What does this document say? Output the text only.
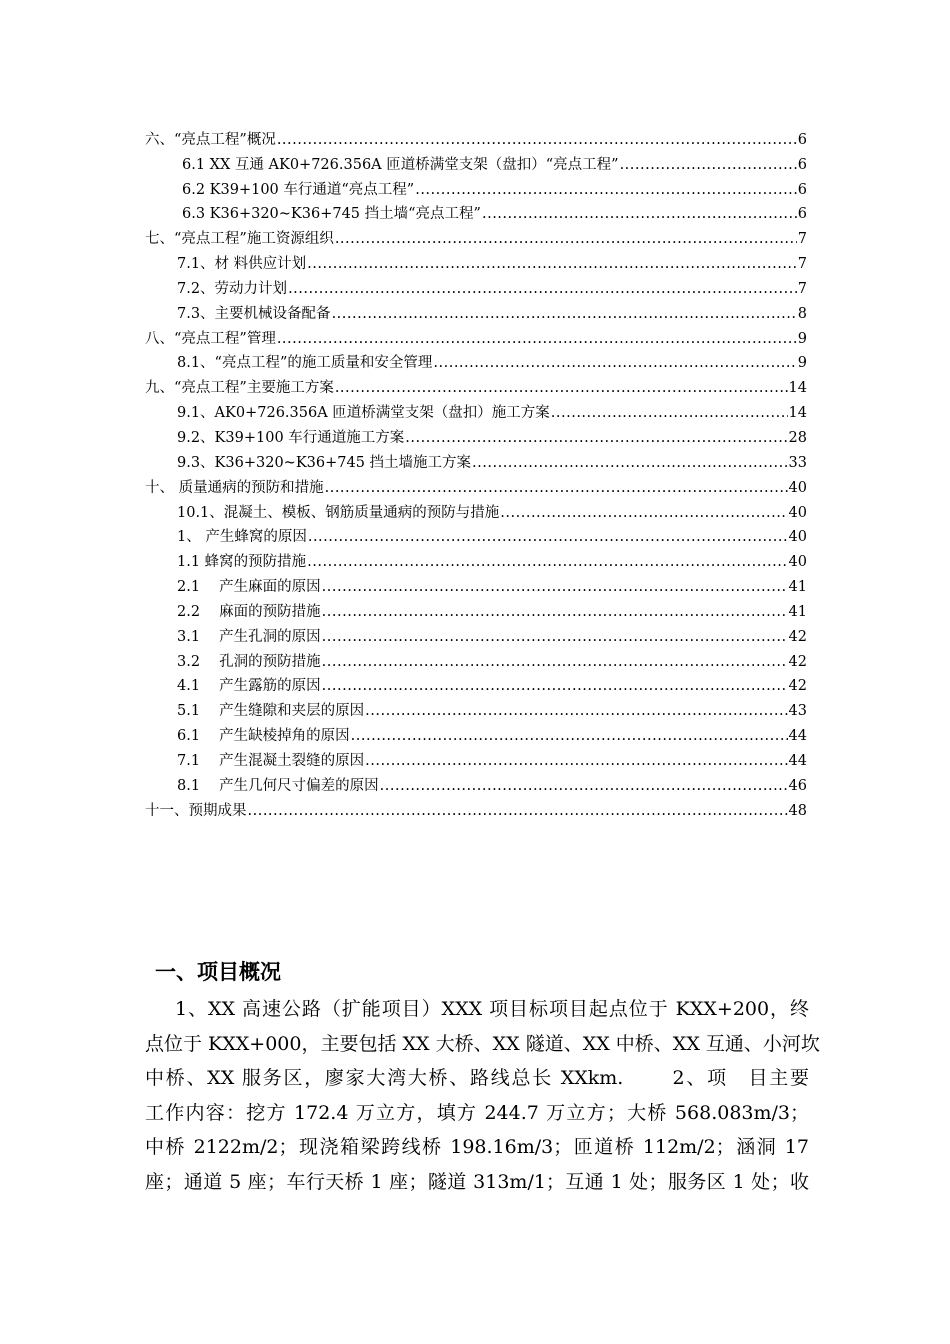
六、“亮点工程”概况 .....	6
6.1 XX 互通 AK0+726.356A 匝道桥满堂支架（盘扣）“亮点工程” .....	6
6.2 K39+100 车行通道“亮点工程” .....	6
6.3 K36+320~K36+745 挡土墙“亮点工程” .....	6
七、“亮点工程”施工资源组织 .....	7
7.1、材 料供应计划 .....	7
7.2、劳动力计划 .....	7
7.3、主要机械设备配备 .....	8
八、“亮点工程”管理 .....	9
8.1、“亮点工程”的施工质量和安全管理 .....	9
九、“亮点工程”主要施工方案 .....	14
9.1、AK0+726.356A 匝道桥满堂支架（盘扣）施工方案 .....	14
9.2、K39+100 车行通道施工方案 .....	28
9.3、K36+320~K36+745 挡土墙施工方案 .....	33
十、 质量通病的预防和措施 .....	40
10.1、混凝土、模板、钢筋质量通病的预防与措施 .....	40
1、 产生蜂窝的原因 .....	40
1.1 蜂窝的预防措施 .....	40
2.1 　产生麻面的原因 .....	41
2.2 　麻面的预防措施 .....	41
3.1 　产生孔洞的原因 .....	42
3.2 　孔洞的预防措施 .....	42
4.1 　产生露筋的原因 .....	42
5.1 　产生缝隙和夹层的原因 .....	43
6.1 　产生缺棱掉角的原因 .....	44
7.1 　产生混凝土裂缝的原因 .....	44
8.1 　产生几何尺寸偏差的原因 .....	46
十一、预期成果 .....	48
一、项目概况
1、XX 高速公路（扩能项目）XXX 项目标项目起点位于 KXX+200，终
点位于 KXX+000，主要包括 XX 大桥、XX 隧道、XX 中桥、XX 互通、小河坎
中桥、XX 服务区，廖家大湾大桥、路线总长 XXkm. 　　2、项　目主要
工作内容：挖方 172.4 万立方，填方 244.7 万立方；大桥 568.083m/3；
中桥 2122m/2；现浇箱梁跨线桥 198.16m/3；匝道桥 112m/2；涵洞 17
座；通道 5 座；车行天桥 1 座；隧道 313m/1；互通 1 处；服务区 1 处；收
